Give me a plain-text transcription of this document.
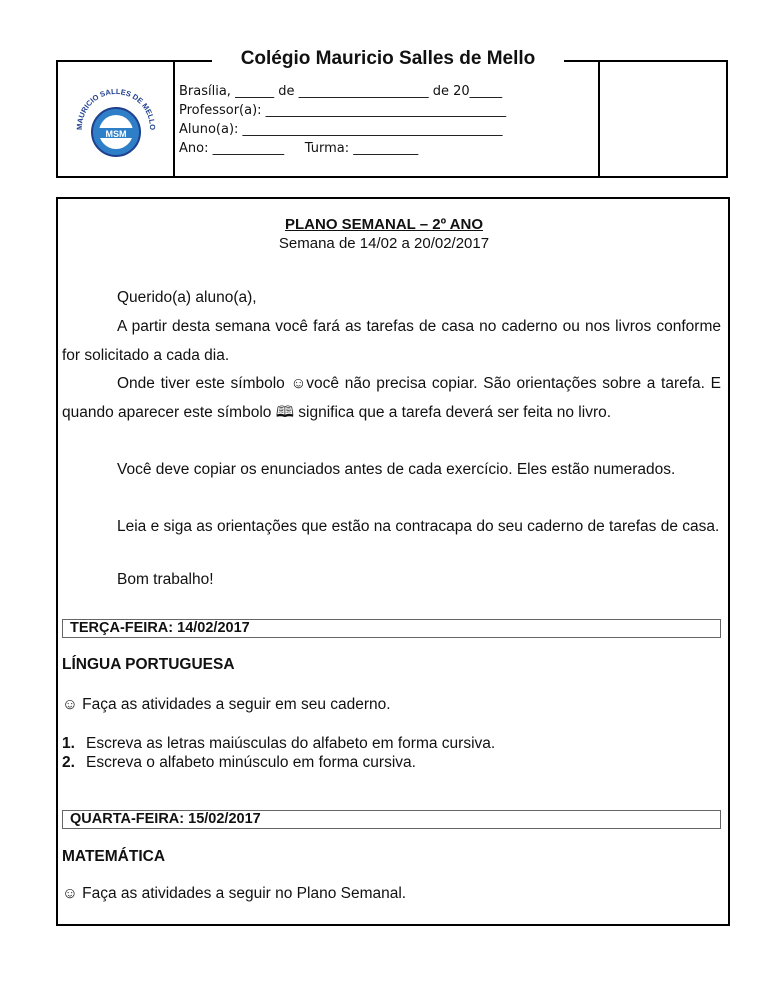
MAURICIO SALLES DE MELLO
MSM
Brasília, ______ de ____________________ de 20_____
Professor(a): _____________________________________
Aluno(a): ________________________________________
Ano: ___________     Turma: __________
Colégio Mauricio Salles de Mello
PLANO SEMANAL – 2º ANO
Semana de 14/02 a 20/02/2017
Querido(a) aluno(a),
A partir desta semana você fará as tarefas de casa no caderno ou nos livros conforme for solicitado a cada dia.
Onde tiver este símbolo ☺você não precisa copiar. São orientações sobre a tarefa. E quando aparecer este símbolo 🕮 significa que a tarefa deverá ser feita no livro.
Você deve copiar os enunciados antes de cada exercício. Eles estão numerados.
Leia e siga as orientações que estão na contracapa do seu caderno de tarefas de casa.
Bom trabalho!
TERÇA-FEIRA: 14/02/2017
LÍNGUA PORTUGUESA
☺ Faça as atividades a seguir em seu caderno.
1. Escreva as letras maiúsculas do alfabeto em forma cursiva.
2. Escreva o alfabeto minúsculo em forma cursiva.
QUARTA-FEIRA: 15/02/2017
MATEMÁTICA
☺ Faça as atividades a seguir no Plano Semanal.
